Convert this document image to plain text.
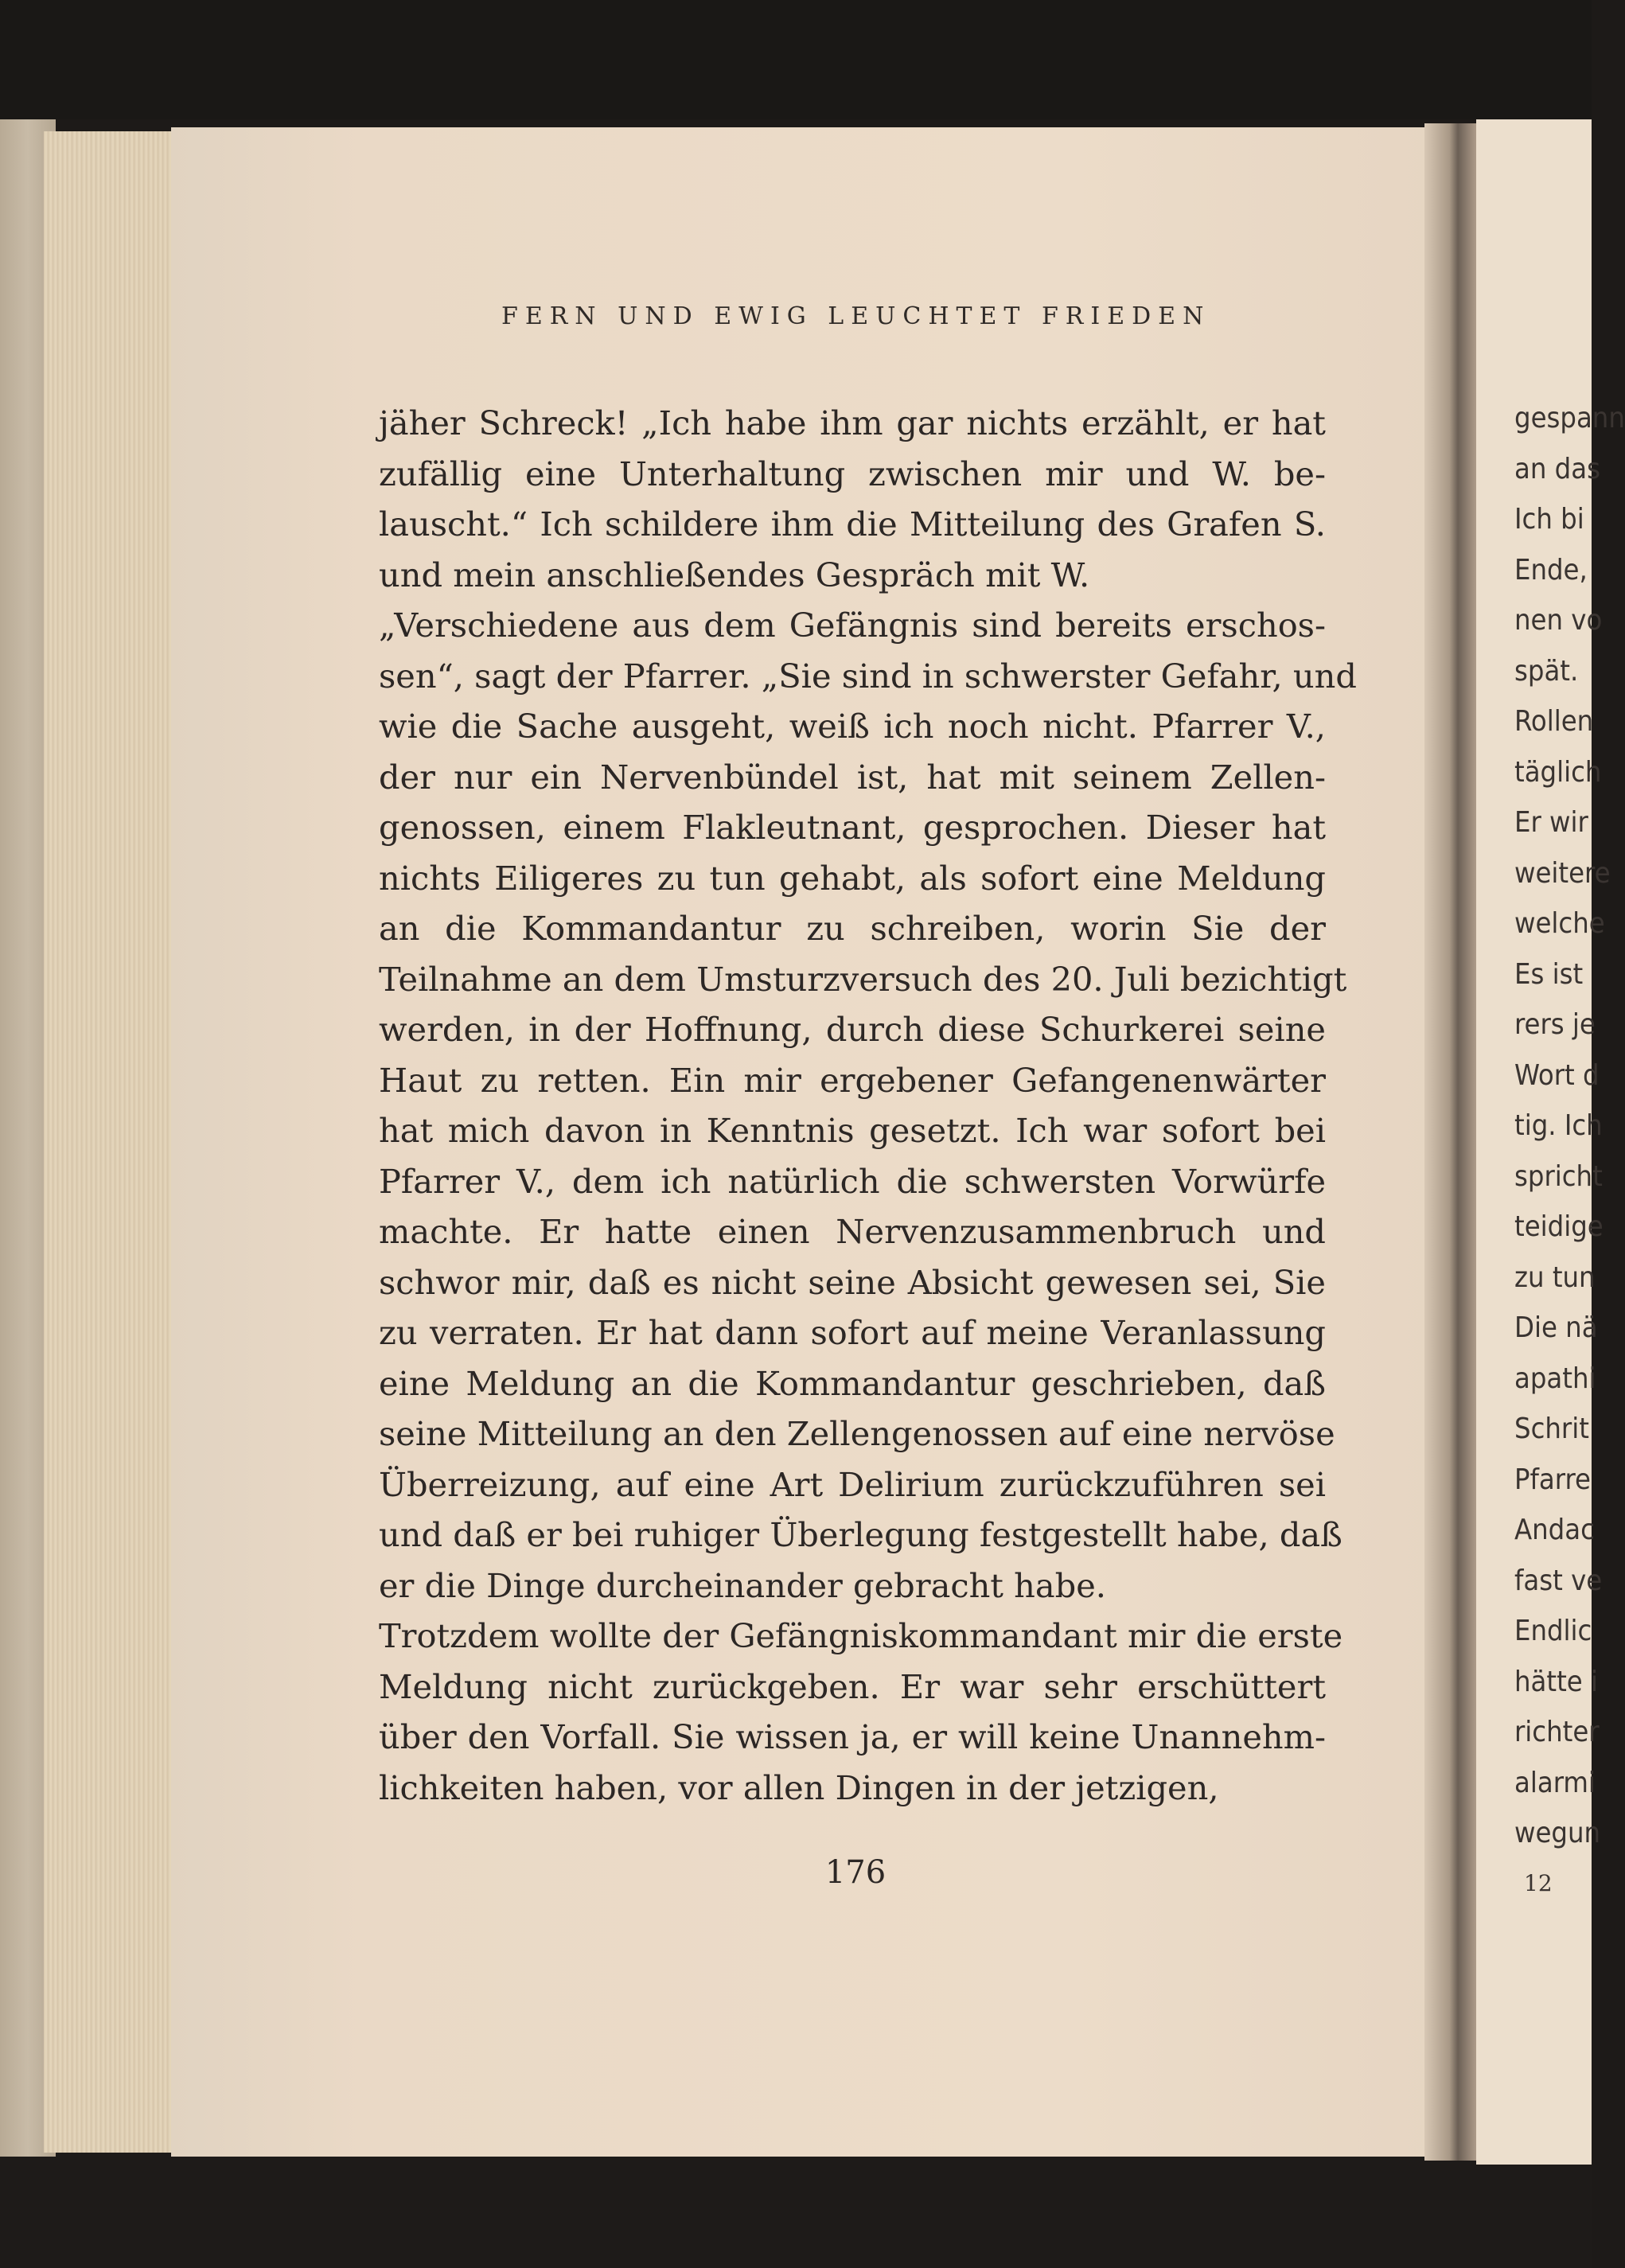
FERN UND EWIG LEUCHTET FRIEDEN
jäher Schreck! „Ich habe ihm gar nichts erzählt, er hat
zufällig eine Unterhaltung zwischen mir und W. be-
lauscht.“ Ich schildere ihm die Mitteilung des Grafen S.
und mein anschließendes Gespräch mit W.
„Verschiedene aus dem Gefängnis sind bereits erschos-
sen“, sagt der Pfarrer. „Sie sind in schwerster Gefahr, und
wie die Sache ausgeht, weiß ich noch nicht. Pfarrer V.,
der nur ein Nervenbündel ist, hat mit seinem Zellen-
genossen, einem Flakleutnant, gesprochen. Dieser hat
nichts Eiligeres zu tun gehabt, als sofort eine Meldung
an die Kommandantur zu schreiben, worin Sie der
Teilnahme an dem Umsturzversuch des 20. Juli bezichtigt
werden, in der Hoffnung, durch diese Schurkerei seine
Haut zu retten. Ein mir ergebener Gefangenenwärter
hat mich davon in Kenntnis gesetzt. Ich war sofort bei
Pfarrer V., dem ich natürlich die schwersten Vorwürfe
machte. Er hatte einen Nervenzusammenbruch und
schwor mir, daß es nicht seine Absicht gewesen sei, Sie
zu verraten. Er hat dann sofort auf meine Veranlassung
eine Meldung an die Kommandantur geschrieben, daß
seine Mitteilung an den Zellengenossen auf eine nervöse
Überreizung, auf eine Art Delirium zurückzuführen sei
und daß er bei ruhiger Überlegung festgestellt habe, daß
er die Dinge durcheinander gebracht habe.
Trotzdem wollte der Gefängniskommandant mir die erste
Meldung nicht zurückgeben. Er war sehr erschüttert
über den Vorfall. Sie wissen ja, er will keine Unannehm-
lichkeiten haben, vor allen Dingen in der jetzigen,
176	12
gespann
an das
Ich bi
Ende,
nen vo
spät.
Rollen
täglich
Er wir
weitere
welche
Es ist
rers je
Wort d
tig. Ich
spricht
teidige
zu tun
Die nä
apathi
Schrit
Pfarre
Andac
fast ve
Endlic
hätte i
richter
alarmi
wegun
